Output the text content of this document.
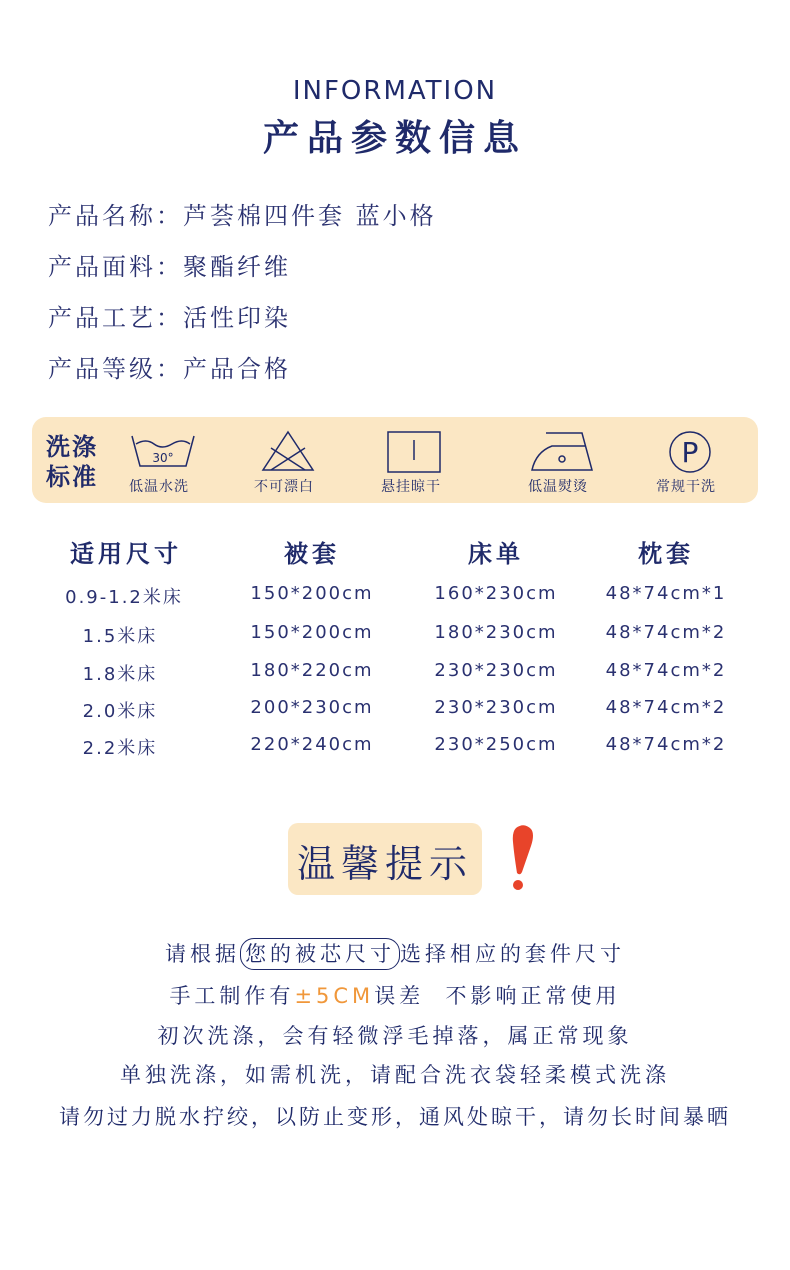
INFORMATION
产品参数信息
产品名称：芦荟棉四件套 蓝小格
产品面料：聚酯纤维
产品工艺：活性印染
产品等级：产品合格
洗涤
标准
30°
低温水洗	不可漂白	悬挂晾干	低温熨烫
P
常规干洗
适用尺寸	被套	床单	枕套
0.9-1.2米床	150*200cm	160*230cm	48*74cm*1
1.5米床	150*200cm	180*230cm	48*74cm*2
1.8米床	180*220cm	230*230cm	48*74cm*2
2.0米床	200*230cm	230*230cm	48*74cm*2
2.2米床	220*240cm	230*250cm	48*74cm*2
温馨提示
请根据 您的被芯尺寸 选择相应的套件尺寸
手工制作有±5CM误差  不影响正常使用
初次洗涤，会有轻微浮毛掉落，属正常现象
单独洗涤，如需机洗，请配合洗衣袋轻柔模式洗涤
请勿过力脱水拧绞，以防止变形，通风处晾干，请勿长时间暴晒
